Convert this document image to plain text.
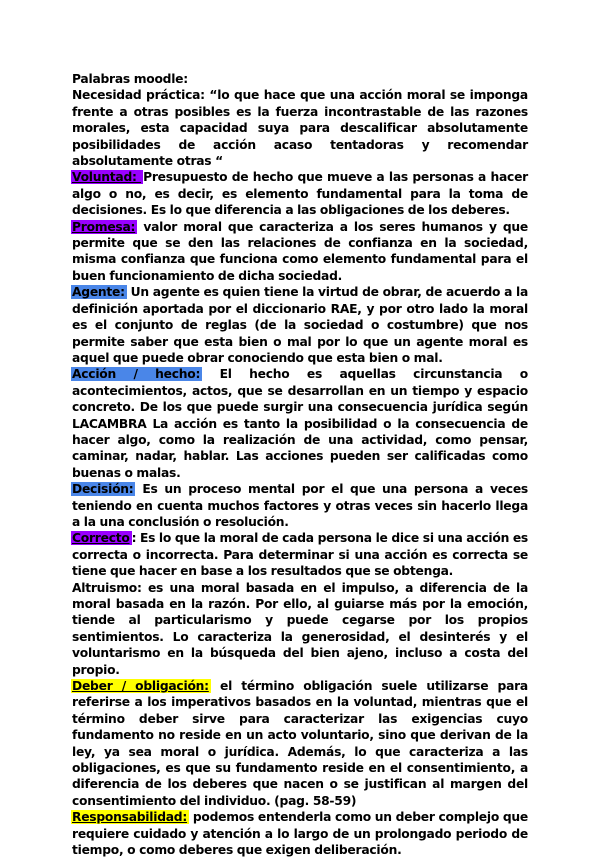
Palabras moodle:

Necesidad práctica: “lo que hace que una acción moral se imponga frente a otras posibles es la fuerza incontrastable de las razones morales, esta capacidad suya para descalificar absolutamente posibilidades de acción acaso tentadoras y recomendar absolutamente otras “

Voluntad: Presupuesto de hecho que mueve a las personas a hacer algo o no, es decir, es elemento fundamental para la toma de decisiones. Es lo que diferencia a las obligaciones de los deberes.

Promesa: valor moral que caracteriza a los seres humanos y que permite que se den las relaciones de confianza en la sociedad, misma confianza que funciona como elemento fundamental para el buen funcionamiento de dicha sociedad.

Agente: Un agente es quien tiene la virtud de obrar, de acuerdo a la definición aportada por el diccionario RAE, y por otro lado la moral es el conjunto de reglas (de la sociedad o costumbre) que nos permite saber que esta bien o mal por lo que un agente moral es aquel que puede obrar conociendo que esta bien o mal.

Acción / hecho: El hecho es aquellas circunstancia o acontecimientos, actos, que se desarrollan en un tiempo y espacio concreto. De los que puede surgir una consecuencia jurídica según LACAMBRA La acción es tanto la posibilidad o la consecuencia de hacer algo, como la realización de una actividad, como pensar, caminar, nadar, hablar. Las acciones pueden ser calificadas como buenas o malas.

Decisión: Es un proceso mental por el que una persona a veces teniendo en cuenta muchos factores y otras veces sin hacerlo llega a la una conclusión o resolución.

Correcto : Es lo que la moral de cada persona le dice si una acción es correcta o incorrecta. Para determinar si una acción es correcta se tiene que hacer en base a los resultados que se obtenga.

Altruismo: es una moral basada en el impulso, a diferencia de la moral basada en la razón. Por ello, al guiarse más por la emoción, tiende al particularismo y puede cegarse por los propios sentimientos. Lo caracteriza la generosidad, el desinterés y el voluntarismo en la búsqueda del bien ajeno, incluso a costa del propio.

Deber / obligación: el término obligación suele utilizarse para referirse a los imperativos basados en la voluntad, mientras que el término deber sirve para caracterizar las exigencias cuyo fundamento no reside en un acto voluntario, sino que derivan de la ley, ya sea moral o jurídica. Además, lo que caracteriza a las obligaciones, es que su fundamento reside en el consentimiento, a diferencia de los deberes que nacen o se justifican al margen del consentimiento del individuo. (pag. 58-59)

Responsabilidad: podemos entenderla como un deber complejo que requiere cuidado y atención a lo largo de un prolongado periodo de tiempo, o como deberes que exigen deliberación.
